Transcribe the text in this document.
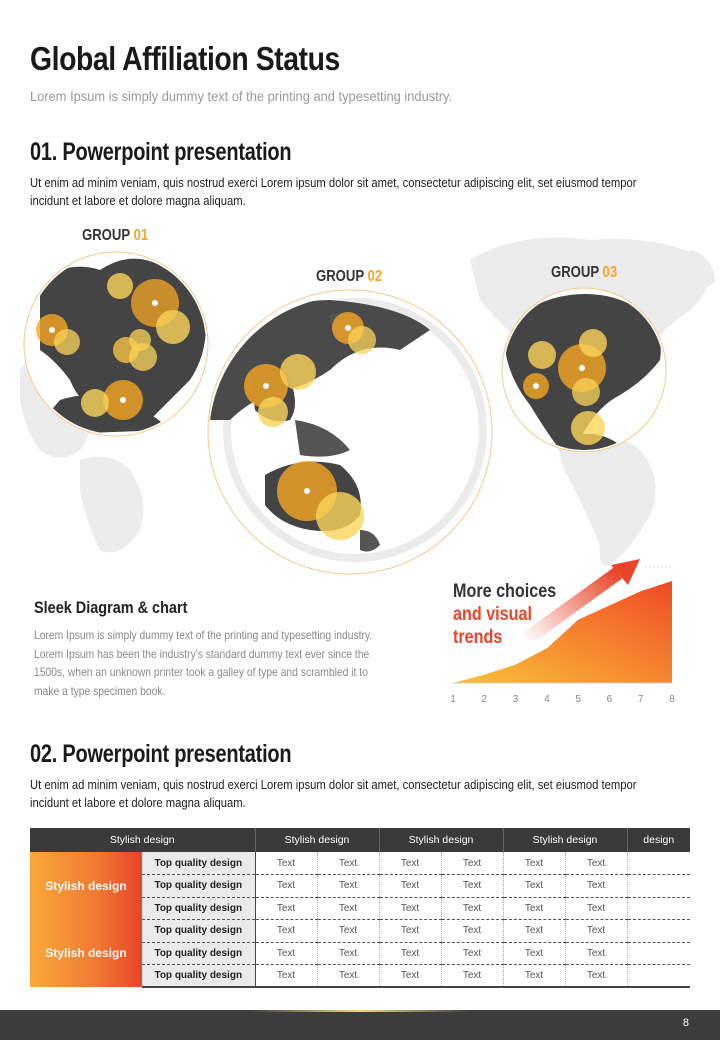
Global Affiliation Status
Lorem Ipsum is simply dummy text of the printing and typesetting industry.
01. Powerpoint presentation
Ut enim ad minim veniam, quis nostrud exerci Lorem ipsum dolor sit amet, consectetur adipiscing elit, set eiusmod tempor incidunt et labore et dolore magna aliquam.
GROUP 01
GROUP 02	GROUP 03
Sleek Diagram & chart
Lorem Ipsum is simply dummy text of the printing and typesetting industry. Lorem Ipsum has been the industry's standard dummy text ever since the 1500s, when an unknown printer took a galley of type and scrambled it to make a type specimen book.
1	2	3	4	5	6	7	8
More choices
and visual
trends
02. Powerpoint presentation
Ut enim ad minim veniam, quis nostrud exerci Lorem ipsum dolor sit amet, consectetur adipiscing elit, set eiusmod tempor incidunt et labore et dolore magna aliquam.
Stylish design		Stylish design		Stylish design		Stylish design		design
Stylish design	Top quality design	Text	Text	Text	Text	Text	Text	
	Top quality design	Text	Text	Text	Text	Text	Text	
	Top quality design	Text	Text	Text	Text	Text	Text	
Stylish design	Top quality design	Text	Text	Text	Text	Text	Text	
	Top quality design	Text	Text	Text	Text	Text	Text	
	Top quality design	Text	Text	Text	Text	Text	Text	
8
